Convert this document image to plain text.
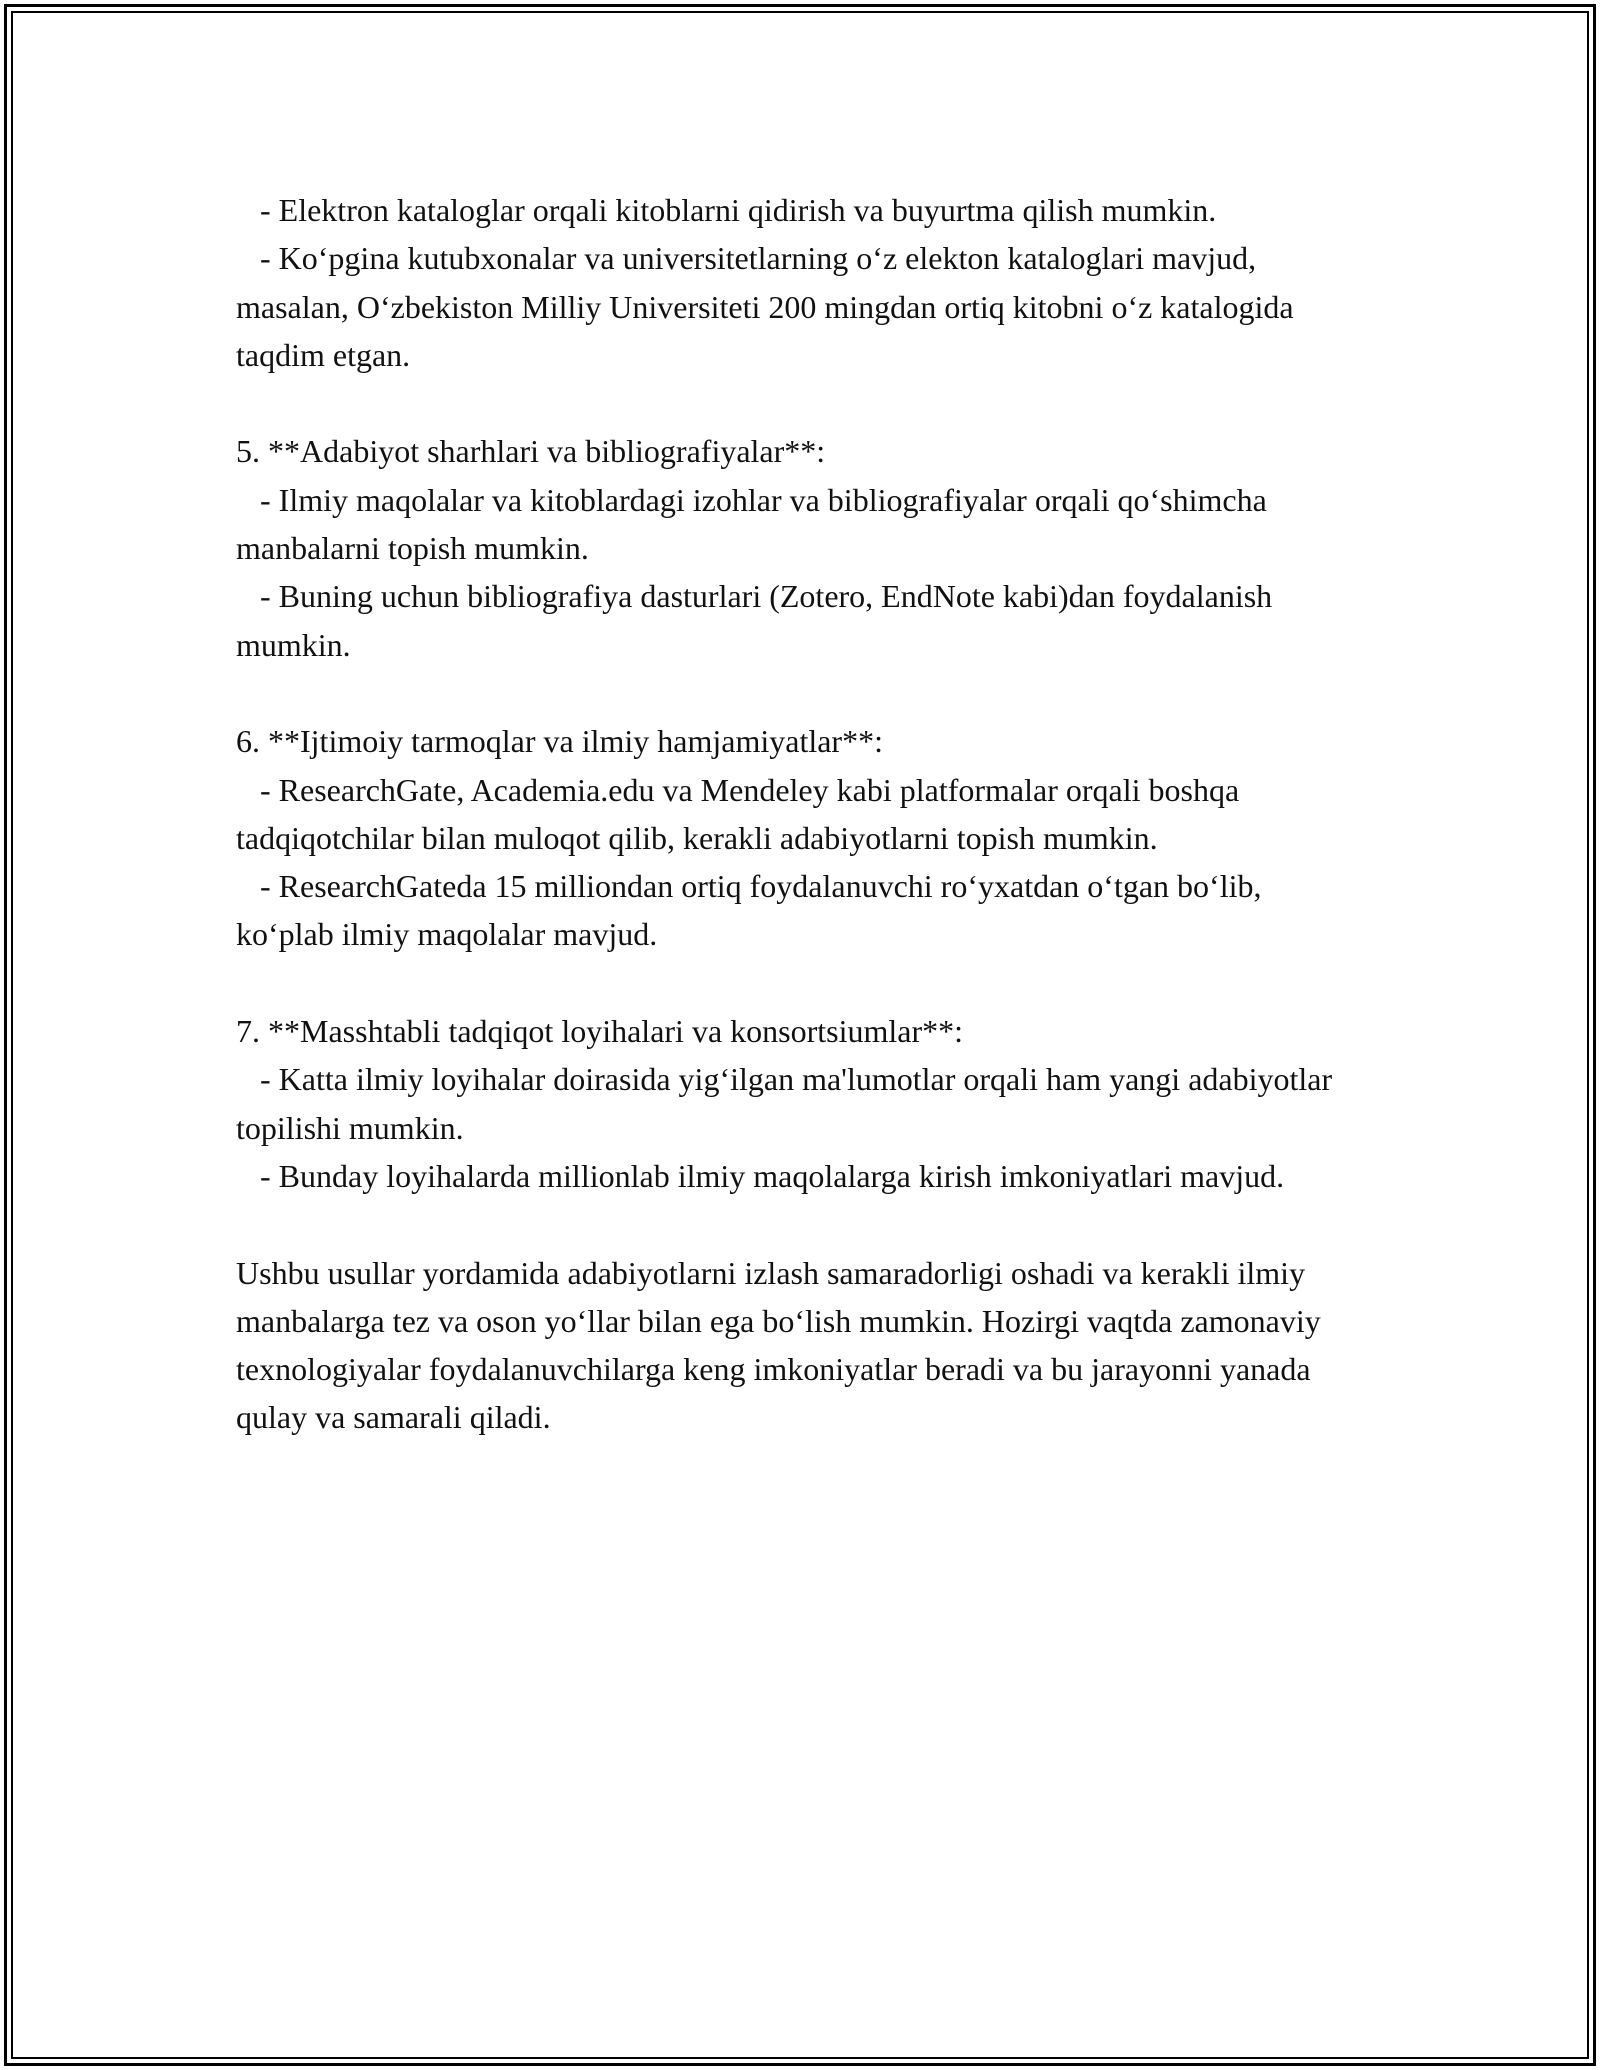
- Elektron kataloglar orqali kitoblarni qidirish va buyurtma qilish mumkin.

- Koʻpgina kutubxonalar va universitetlarning oʻz elekton kataloglari mavjud, masalan, Oʻzbekiston Milliy Universiteti 200 mingdan ortiq kitobni oʻz katalogida taqdim etgan.

5. **Adabiyot sharhlari va bibliografiyalar**:

- Ilmiy maqolalar va kitoblardagi izohlar va bibliografiyalar orqali qoʻshimcha manbalarni topish mumkin.

- Buning uchun bibliografiya dasturlari (Zotero, EndNote kabi)dan foydalanish mumkin.

6. **Ijtimoiy tarmoqlar va ilmiy hamjamiyatlar**:

- ResearchGate, Academia.edu va Mendeley kabi platformalar orqali boshqa tadqiqotchilar bilan muloqot qilib, kerakli adabiyotlarni topish mumkin.

- ResearchGateda 15 milliondan ortiq foydalanuvchi roʻyxatdan oʻtgan boʻlib, koʻplab ilmiy maqolalar mavjud.

7. **Masshtabli tadqiqot loyihalari va konsortsiumlar**:

- Katta ilmiy loyihalar doirasida yigʻilgan ma'lumotlar orqali ham yangi adabiyotlar topilishi mumkin.

- Bunday loyihalarda millionlab ilmiy maqolalarga kirish imkoniyatlari mavjud.

Ushbu usullar yordamida adabiyotlarni izlash samaradorligi oshadi va kerakli ilmiy manbalarga tez va oson yoʻllar bilan ega boʻlish mumkin. Hozirgi vaqtda zamonaviy texnologiyalar foydalanuvchilarga keng imkoniyatlar beradi va bu jarayonni yanada qulay va samarali qiladi.
